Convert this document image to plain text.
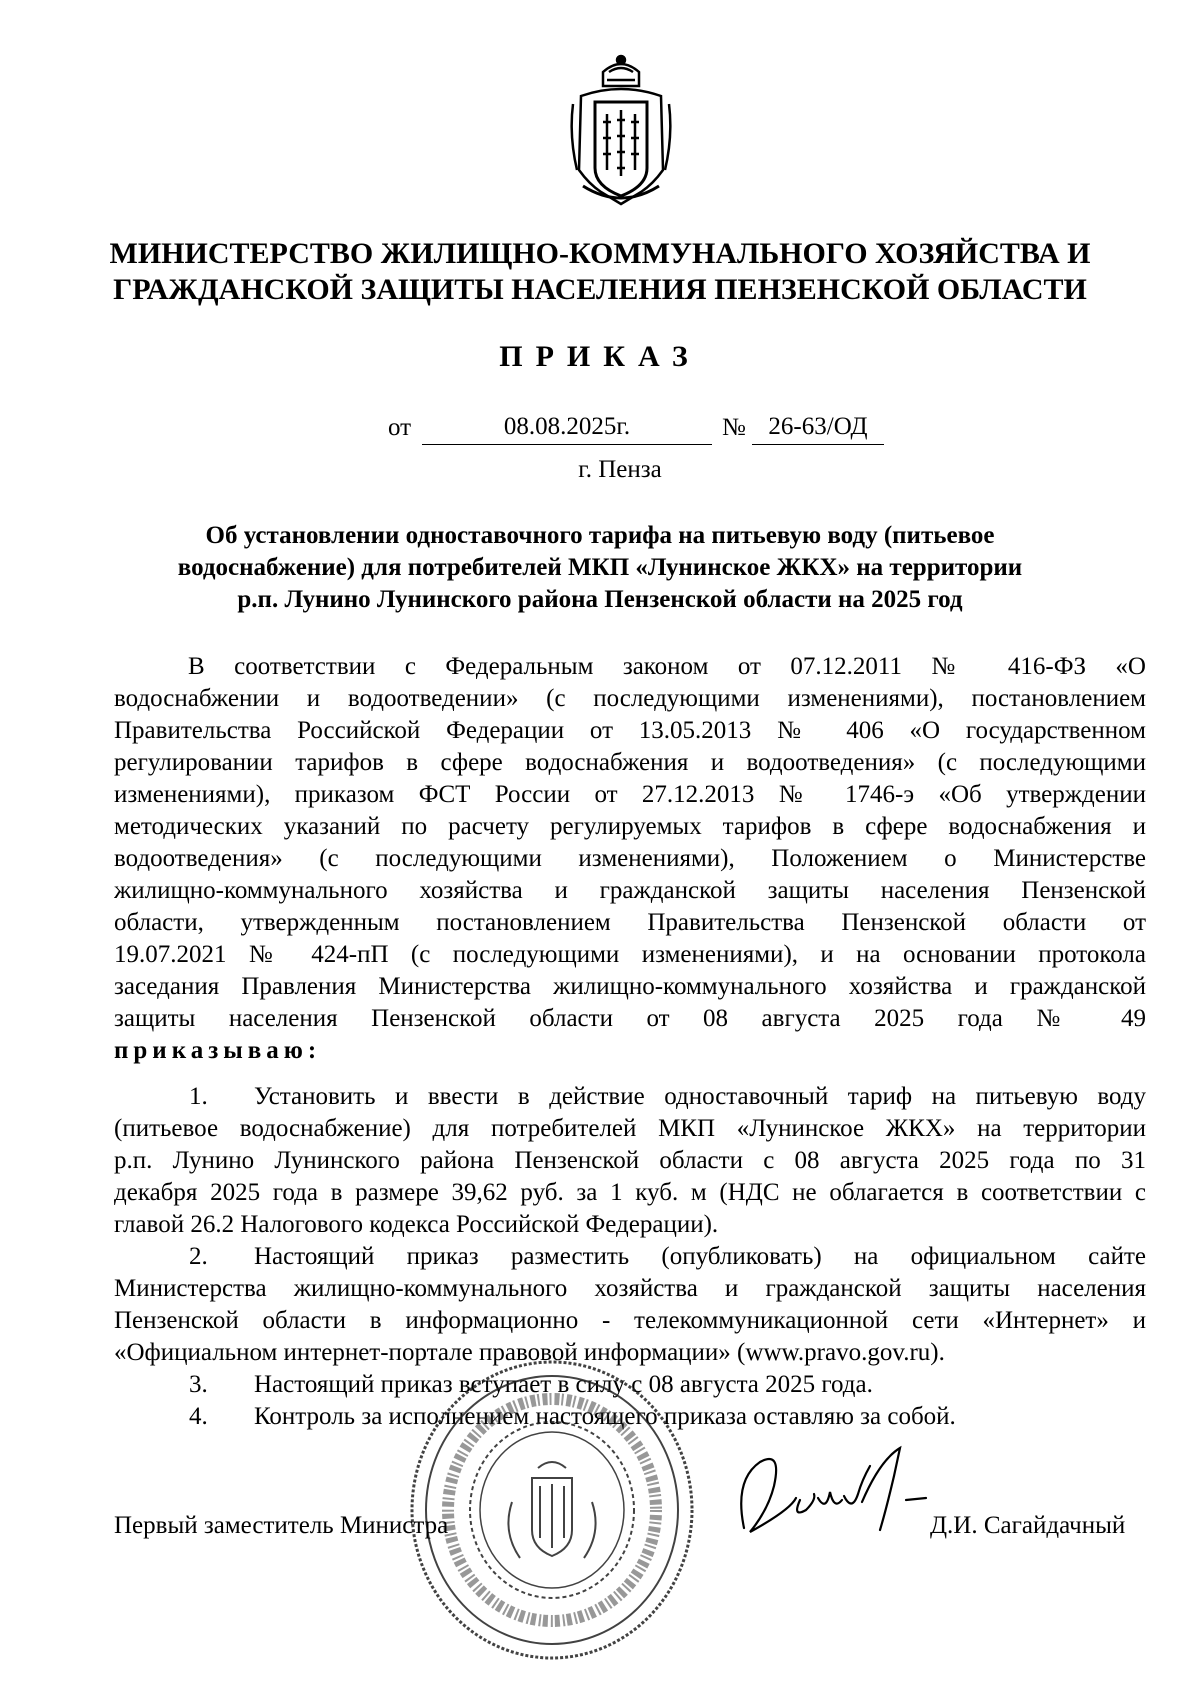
МИНИСТЕРСТВО ЖИЛИЩНО-КОММУНАЛЬНОГО ХОЗЯЙСТВА И
ГРАЖДАНСКОЙ ЗАЩИТЫ НАСЕЛЕНИЯ ПЕНЗЕНСКОЙ ОБЛАСТИ
ПРИКАЗ
от	08.08.2025г.	№ 26-63/ОД
г. Пенза
Об установлении одноставочного тарифа на питьевую воду (питьевое
водоснабжение) для потребителей МКП «Лунинское ЖКХ» на территории
р.п. Лунино Лунинского района Пензенской области на 2025 год
В соответствии с Федеральным законом от 07.12.2011 № 416-ФЗ «О
водоснабжении и водоотведении» (с последующими изменениями), постановлением
Правительства Российской Федерации от 13.05.2013 № 406 «О государственном
регулировании тарифов в сфере водоснабжения и водоотведения» (с последующими
изменениями), приказом ФСТ России от 27.12.2013 № 1746-э «Об утверждении
методических указаний по расчету регулируемых тарифов в сфере водоснабжения и
водоотведения» (с последующими изменениями), Положением о Министерстве
жилищно-коммунального хозяйства и гражданской защиты населения Пензенской
области, утвержденным постановлением Правительства Пензенской области от
19.07.2021 № 424-пП (с последующими изменениями), и на основании протокола
заседания Правления Министерства жилищно-коммунального хозяйства и гражданской
защиты населения Пензенской области от 08 августа 2025 года № 49
приказываю:
1.	Установить и ввести в действие одноставочный тариф на питьевую воду
(питьевое водоснабжение) для потребителей МКП «Лунинское ЖКХ» на территории
р.п. Лунино Лунинского района Пензенской области с 08 августа 2025 года по 31
декабря 2025 года в размере 39,62 руб. за 1 куб. м (НДС не облагается в соответствии с
главой 26.2 Налогового кодекса Российской Федерации).
2.	Настоящий приказ разместить (опубликовать) на официальном сайте
Министерства жилищно-коммунального хозяйства и гражданской защиты населения
Пензенской области в информационно - телекоммуникационной сети «Интернет» и
«Официальном интернет-портале правовой информации» (www.pravo.gov.ru).
3.	Настоящий приказ вступает в силу с 08 августа 2025 года.
4.	Контроль за исполнением настоящего приказа оставляю за собой.
Первый заместитель Министра	Д.И. Сагайдачный
